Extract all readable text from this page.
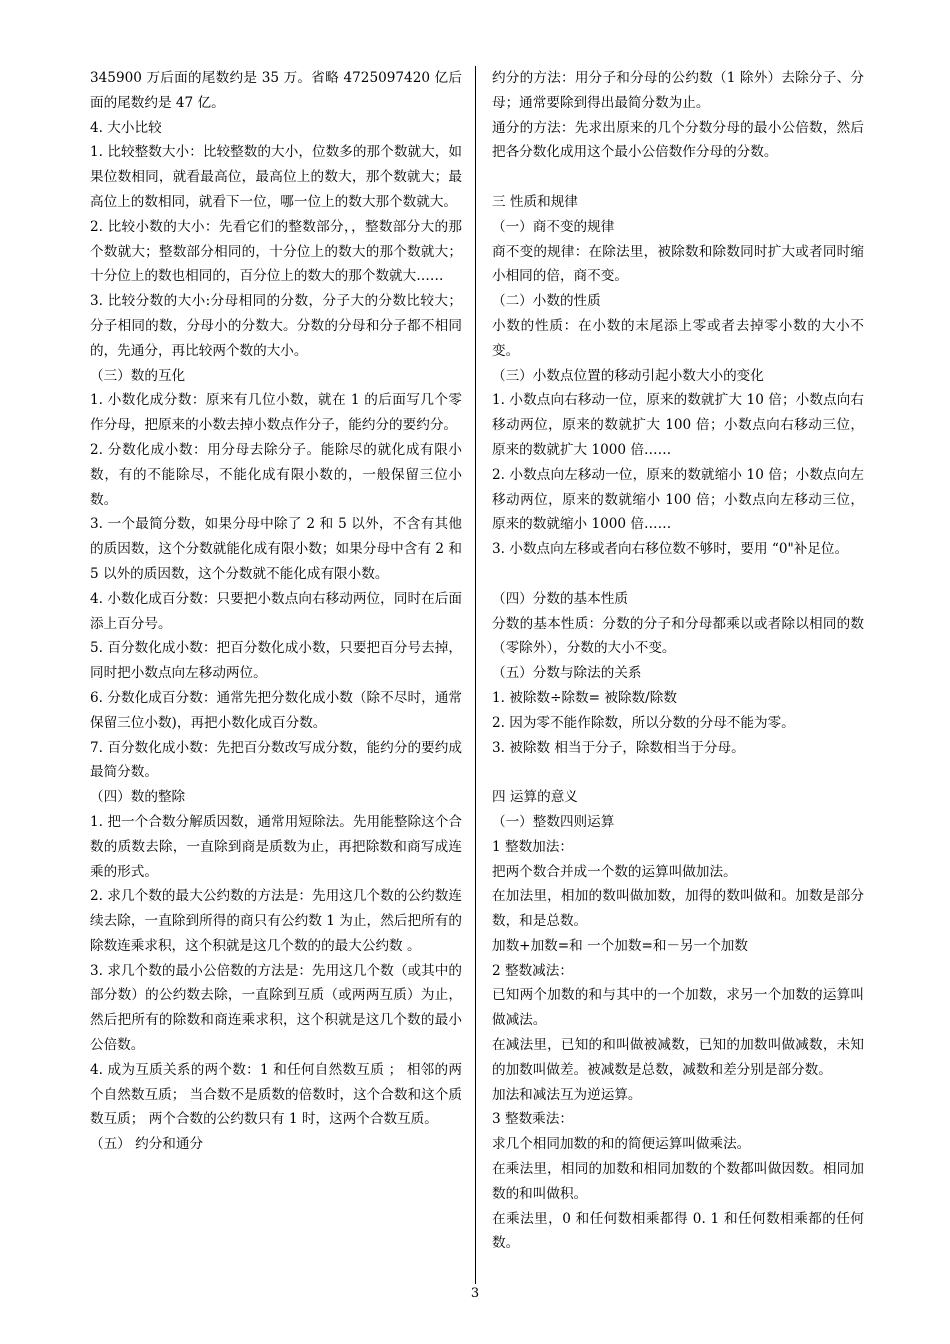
345900 万后面的尾数约是 35 万。省略 4725097420 亿后面的尾数约是 47 亿。

4. 大小比较

1. 比较整数大小：比较整数的大小，位数多的那个数就大，如果位数相同，就看最高位，最高位上的数大，那个数就大；最高位上的数相同，就看下一位，哪一位上的数大那个数就大。

2. 比较小数的大小：先看它们的整数部分，，整数部分大的那个数就大；整数部分相同的，十分位上的数大的那个数就大；十分位上的数也相同的，百分位上的数大的那个数就大……

3. 比较分数的大小:分母相同的分数，分子大的分数比较大；分子相同的数，分母小的分数大。分数的分母和分子都不相同的，先通分，再比较两个数的大小。

（三）数的互化

1. 小数化成分数：原来有几位小数，就在 1 的后面写几个零作分母，把原来的小数去掉小数点作分子，能约分的要约分。

2. 分数化成小数：用分母去除分子。能除尽的就化成有限小数，有的不能除尽，不能化成有限小数的，一般保留三位小数。

3. 一个最简分数，如果分母中除了 2 和 5 以外，不含有其他的质因数，这个分数就能化成有限小数；如果分母中含有 2 和 5 以外的质因数，这个分数就不能化成有限小数。

4. 小数化成百分数：只要把小数点向右移动两位，同时在后面添上百分号。

5. 百分数化成小数：把百分数化成小数，只要把百分号去掉，同时把小数点向左移动两位。

6. 分数化成百分数：通常先把分数化成小数（除不尽时，通常保留三位小数)，再把小数化成百分数。

7. 百分数化成小数：先把百分数改写成分数，能约分的要约成最简分数。

（四）数的整除

1. 把一个合数分解质因数，通常用短除法。先用能整除这个合数的质数去除，一直除到商是质数为止，再把除数和商写成连乘的形式。

2. 求几个数的最大公约数的方法是：先用这几个数的公约数连续去除，一直除到所得的商只有公约数 1 为止，然后把所有的除数连乘求积，这个积就是这几个数的的最大公约数 。

3. 求几个数的最小公倍数的方法是：先用这几个数（或其中的部分数）的公约数去除，一直除到互质（或两两互质）为止，然后把所有的除数和商连乘求积，这个积就是这几个数的最小公倍数。

4. 成为互质关系的两个数：1 和任何自然数互质 ； 相邻的两个自然数互质； 当合数不是质数的倍数时，这个合数和这个质数互质； 两个合数的公约数只有 1 时，这两个合数互质。

（五） 约分和通分

约分的方法：用分子和分母的公约数（1 除外）去除分子、分母；通常要除到得出最简分数为止。

通分的方法：先求出原来的几个分数分母的最小公倍数，然后把各分数化成用这个最小公倍数作分母的分数。

三 性质和规律

（一）商不变的规律

商不变的规律：在除法里，被除数和除数同时扩大或者同时缩小相同的倍，商不变。

（二）小数的性质

小数的性质：在小数的末尾添上零或者去掉零小数的大小不变。

（三）小数点位置的移动引起小数大小的变化

1. 小数点向右移动一位，原来的数就扩大 10 倍；小数点向右移动两位，原来的数就扩大 100 倍；小数点向右移动三位，原来的数就扩大 1000 倍……

2. 小数点向左移动一位，原来的数就缩小 10 倍；小数点向左移动两位，原来的数就缩小 100 倍；小数点向左移动三位，原来的数就缩小 1000 倍……

3. 小数点向左移或者向右移位数不够时，要用 “0"补足位。

（四）分数的基本性质

分数的基本性质：分数的分子和分母都乘以或者除以相同的数（零除外），分数的大小不变。

（五）分数与除法的关系

1. 被除数÷除数= 被除数/除数

2. 因为零不能作除数，所以分数的分母不能为零。

3. 被除数 相当于分子，除数相当于分母。

四 运算的意义

（一）整数四则运算

1 整数加法：

把两个数合并成一个数的运算叫做加法。

在加法里，相加的数叫做加数，加得的数叫做和。加数是部分数，和是总数。

加数+加数=和 一个加数=和－另一个加数

2 整数减法：

已知两个加数的和与其中的一个加数，求另一个加数的运算叫做减法。

在减法里，已知的和叫做被减数，已知的加数叫做减数，未知的加数叫做差。被减数是总数，减数和差分别是部分数。

加法和减法互为逆运算。

3 整数乘法：

求几个相同加数的和的简便运算叫做乘法。

在乘法里，相同的加数和相同加数的个数都叫做因数。相同加数的和叫做积。

在乘法里，0 和任何数相乘都得 0. 1 和任何数相乘都的任何数。

3
